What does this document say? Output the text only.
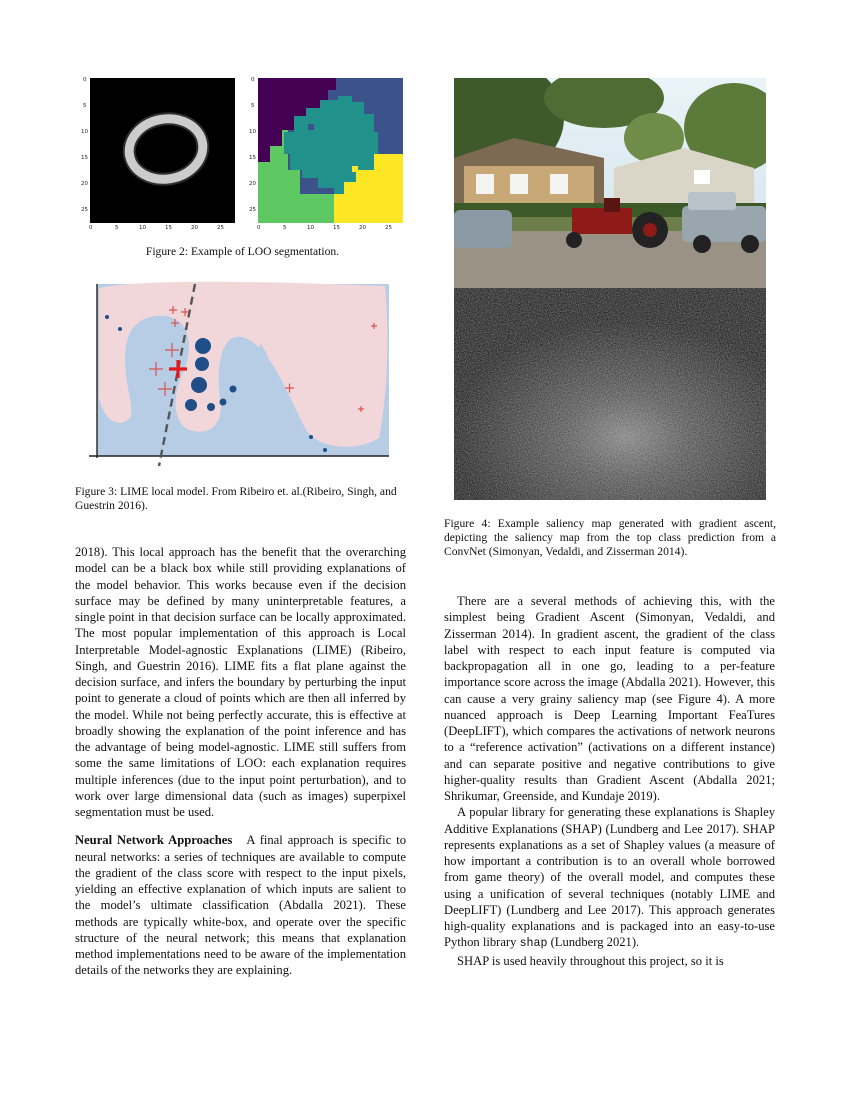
0
5
10
15
20
25
0	5	10	15	20	25
0
5
10
15
20
25
0	5	10	15	20	25
Figure 2: Example of LOO segmentation.
Figure 3: LIME local model. From Ribeiro et. al.(Ribeiro, Singh, and Guestrin 2016).
Figure 4: Example saliency map generated with gradient ascent, depicting the saliency map from the top class prediction from a ConvNet (Simonyan, Vedaldi, and Zisserman 2014).

2018). This local approach has the benefit that the overarching model can be a black box while still providing explanations of the model behavior. This works because even if the decision surface may be defined by many uninterpretable features, a single point in that decision surface can be locally approximated. The most popular implementation of this approach is Local Interpretable Model-agnostic Explanations (LIME) (Ribeiro, Singh, and Guestrin 2016). LIME fits a flat plane against the decision surface, and infers the boundary by perturbing the input point to generate a cloud of points which are then all inferred by the model. While not being perfectly accurate, this is effective at broadly showing the explanation of the point inference and has the advantage of being model-agnostic. LIME still suffers from some the same limitations of LOO: each explanation requires multiple inferences (due to the input point perturbation), and to work over large dimensional data (such as images) superpixel segmentation must be used.

Neural Network Approaches A final approach is specific to neural networks: a series of techniques are available to compute the gradient of the class score with respect to the input pixels, yielding an effective explanation of which inputs are salient to the model’s ultimate classification (Abdalla 2021). These methods are typically white-box, and operate over the specific structure of the neural network; this means that explanation method implementations need to be aware of the implementation details of the networks they are explaining.

There are a several methods of achieving this, with the simplest being Gradient Ascent (Simonyan, Vedaldi, and Zisserman 2014). In gradient ascent, the gradient of the class label with respect to each input feature is computed via backpropagation all in one go, leading to a per-feature importance score across the image (Abdalla 2021). However, this can cause a very grainy saliency map (see Figure 4). A more nuanced approach is Deep Learning Important FeaTures (DeepLIFT), which compares the activations of network neurons to a “reference activation” (activations on a different instance) and can separate positive and negative contributions to give higher-quality results than Gradient Ascent (Abdalla 2021; Shrikumar, Greenside, and Kundaje 2019).

A popular library for generating these explanations is Shapley Additive Explanations (SHAP) (Lundberg and Lee 2017). SHAP represents explanations as a set of Shapley values (a measure of how important a contribution is to an overall whole borrowed from game theory) of the overall model, and computes these using a unification of several techniques (notably LIME and DeepLIFT) (Lundberg and Lee 2017). This approach generates high-quality explanations and is packaged into an easy-to-use Python library shap (Lundberg 2021).

SHAP is used heavily throughout this project, so it is
